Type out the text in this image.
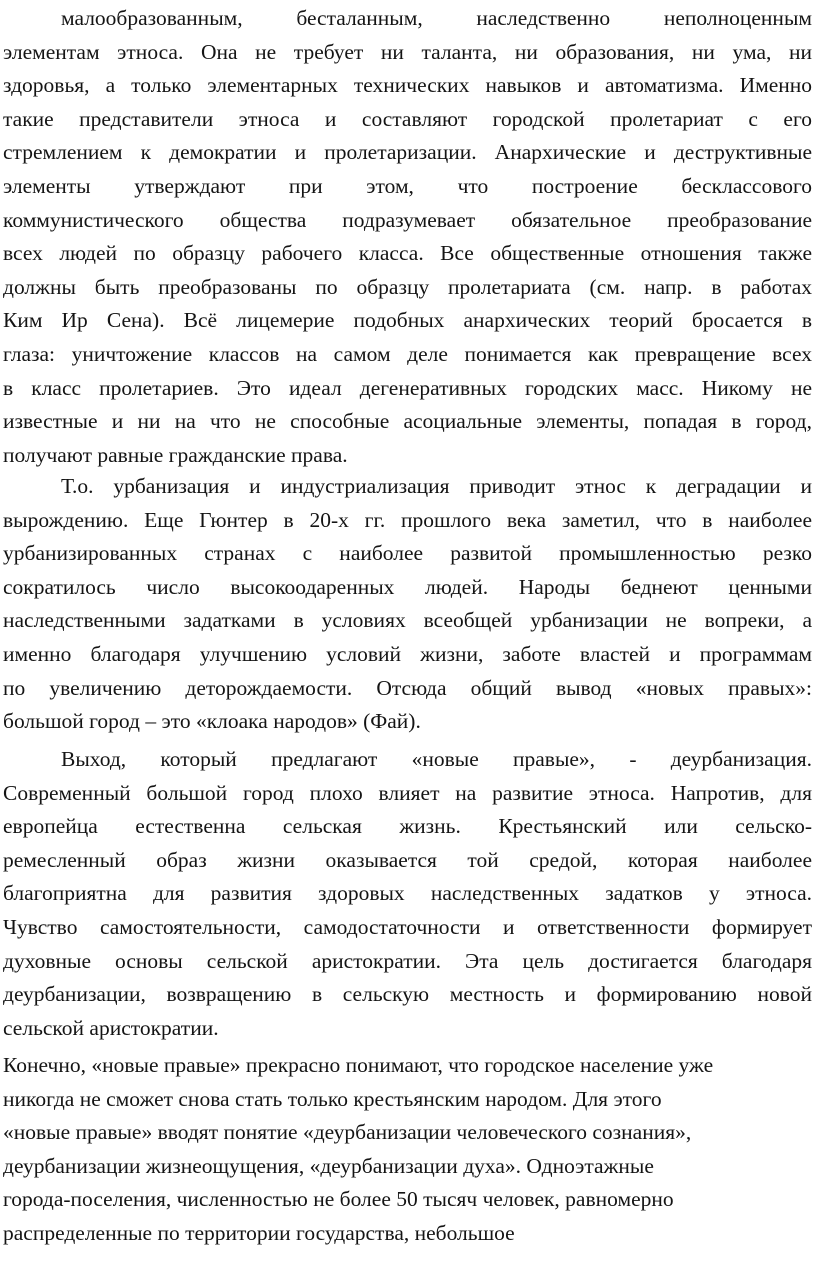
малообразованным, бесталанным, наследственно неполноценным
элементам этноса. Она не требует ни таланта, ни образования, ни ума, ни
здоровья, а только элементарных технических навыков и автоматизма. Именно
такие представители этноса и составляют городской пролетариат с его
стремлением к демократии и пролетаризации. Анархические и деструктивные
элементы утверждают при этом, что построение бесклассового
коммунистического общества подразумевает обязательное преобразование
всех людей по образцу рабочего класса. Все общественные отношения также
должны быть преобразованы по образцу пролетариата (см. напр. в работах
Ким Ир Сена). Всё лицемерие подобных анархических теорий бросается в
глаза: уничтожение классов на самом деле понимается как превращение всех
в класс пролетариев. Это идеал дегенеративных городских масс. Никому не
известные и ни на что не способные асоциальные элементы, попадая в город,
получают равные гражданские права.
Т.о. урбанизация и индустриализация приводит этнос к деградации и
вырождению. Еще Гюнтер в 20-х гг. прошлого века заметил, что в наиболее
урбанизированных странах с наиболее развитой промышленностью резко
сократилось число высокоодаренных людей. Народы беднеют ценными
наследственными задатками в условиях всеобщей урбанизации не вопреки, а
именно благодаря улучшению условий жизни, заботе властей и программам
по увеличению деторождаемости. Отсюда общий вывод «новых правых»:
большой город – это «клоака народов» (Фай).
Выход, который предлагают «новые правые», - деурбанизация.
Современный большой город плохо влияет на развитие этноса. Напротив, для
европейца естественна сельская жизнь. Крестьянский или сельско-
ремесленный образ жизни оказывается той средой, которая наиболее
благоприятна для развития здоровых наследственных задатков у этноса.
Чувство самостоятельности, самодостаточности и ответственности формирует
духовные основы сельской аристократии. Эта цель достигается благодаря
деурбанизации, возвращению в сельскую местность и формированию новой
сельской аристократии.
Конечно, «новые правые» прекрасно понимают, что городское население уже
никогда не сможет снова стать только крестьянским народом. Для этого
«новые правые» вводят понятие «деурбанизации человеческого сознания»,
деурбанизации жизнеощущения, «деурбанизации духа». Одноэтажные
города-поселения, численностью не более 50 тысяч человек, равномерно
распределенные по территории государства, небольшое
